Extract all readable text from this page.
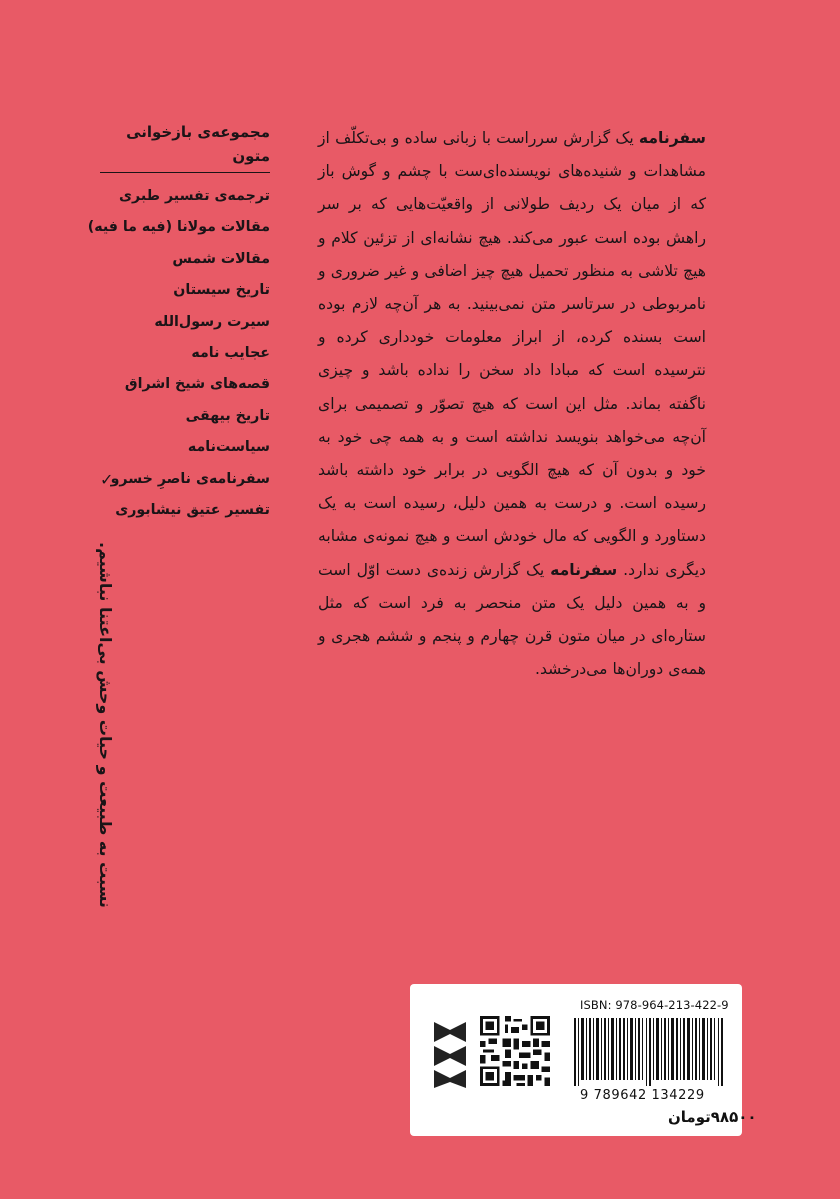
سفرنامه یک گزارش سرراست با زبانی ساده و بی‌تکلّف از مشاهدات و شنیده‌های نویسنده‌ای‌ست با چشم و گوش باز که از میان یک ردیف طولانی از واقعیّت‌هایی که بر سر راهش بوده است عبور می‌کند. هیچ نشانه‌ای از تزئین کلام و هیچ تلاشی به منظور تحمیل هیچ چیز اضافی و غیر ضروری و نامربوطی در سرتاسر متن نمی‌بینید. به هر آن‌چه لازم بوده است بسنده کرده، از ابراز معلومات خودداری کرده و نترسیده است که مبادا داد سخن را نداده باشد و چیزی ناگفته بماند. مثل این است که هیچ تصوّر و تصمیمی برای آن‌چه می‌خواهد بنویسد نداشته است و به همه چی خود به خود و بدون آن که هیچ الگویی در برابر خود داشته باشد رسیده است. و درست به همین دلیل، رسیده است به یک دستاورد و الگویی که مال خودش است و هیچ نمونه‌ی مشابه دیگری ندارد. سفرنامه یک گزارش زنده‌ی دست اوّل است و به همین دلیل یک متن منحصر به فرد است که مثل ستاره‌ای در میان متون قرن چهارم و پنجم و ششم هجری و همه‌ی دوران‌ها می‌درخشد.

مجموعه‌ی بازخوانی متون
ترجمه‌ی تفسیر طبری
مقالات مولانا (فیه ما فیه)
مقالات شمس
تاریخ سیستان
سیرت رسول‌الله
عجایب نامه
قصه‌های شیخ اشراق
تاریخ بیهقی
سیاست‌نامه
سفرنامه‌ی ناصرِ خسرو
✓
تفسیر عتیق نیشابوری
نسبت به طبیعت و حیات وحش بی‌اعتنا نباشیم.
ISBN: 978-964-213-422-9
9 789642 134229
۹۸۵۰۰تومان
